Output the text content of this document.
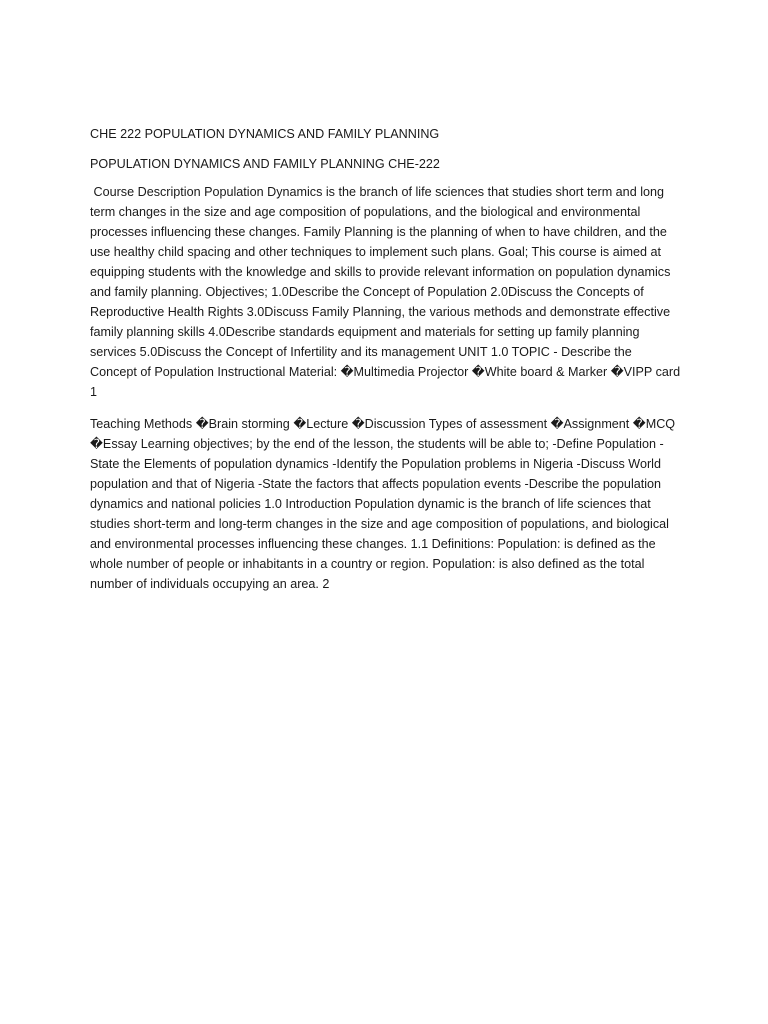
CHE 222 POPULATION DYNAMICS AND FAMILY PLANNING

POPULATION DYNAMICS AND FAMILY PLANNING CHE-222

Course Description Population Dynamics is the branch of life sciences that studies short term and long term changes in the size and age composition of populations, and the biological and environmental processes influencing these changes. Family Planning is the planning of when to have children, and the use healthy child spacing and other techniques to implement such plans. Goal; This course is aimed at equipping students with the knowledge and skills to provide relevant information on population dynamics and family planning. Objectives; 1.0Describe the Concept of Population 2.0Discuss the Concepts of Reproductive Health Rights 3.0Discuss Family Planning, the various methods and demonstrate effective family planning skills 4.0Describe standards equipment and materials for setting up family planning services 5.0Discuss the Concept of Infertility and its management UNIT 1.0 TOPIC - Describe the Concept of Population Instructional Material: �Multimedia Projector �White board & Marker �VIPP card 1

Teaching Methods �Brain storming �Lecture �Discussion Types of assessment �Assignment �MCQ �Essay Learning objectives; by the end of the lesson, the students will be able to; -Define Population - State the Elements of population dynamics -Identify the Population problems in Nigeria -Discuss World population and that of Nigeria -State the factors that affects population events -Describe the population dynamics and national policies 1.0 Introduction Population dynamic is the branch of life sciences that studies short-term and long-term changes in the size and age composition of populations, and biological and environmental processes influencing these changes. 1.1 Definitions: Population: is defined as the whole number of people or inhabitants in a country or region. Population: is also defined as the total number of individuals occupying an area. 2
